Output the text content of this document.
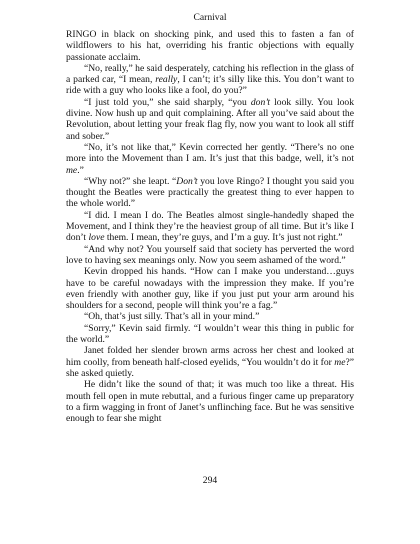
Carnival

RINGO in black on shocking pink, and used this to fasten a fan of wildflowers to his hat, overriding his frantic objections with equally passionate acclaim.

“No, really,” he said desperately, catching his reflection in the glass of a parked car, “I mean, really, I can’t; it’s silly like this. You don’t want to ride with a guy who looks like a fool, do you?”

“I just told you,” she said sharply, “you don’t look silly. You look divine. Now hush up and quit complaining. After all you’ve said about the Revolution, about letting your freak flag fly, now you want to look all stiff and sober.”

“No, it’s not like that,” Kevin corrected her gently. “There’s no one more into the Movement than I am. It’s just that this badge, well, it’s not me.”

“Why not?” she leapt. “Don’t you love Ringo? I thought you said you thought the Beatles were practically the greatest thing to ever happen to the whole world.”

“I did. I mean I do. The Beatles almost single-handedly shaped the Movement, and I think they’re the heaviest group of all time. But it’s like I don’t love them. I mean, they’re guys, and I’m a guy. It’s just not right.”

“And why not? You yourself said that society has perverted the word love to having sex meanings only. Now you seem ashamed of the word.”

Kevin dropped his hands. “How can I make you understand…guys have to be careful nowadays with the impression they make. If you’re even friendly with another guy, like if you just put your arm around his shoulders for a second, people will think you’re a fag.”

“Oh, that’s just silly. That’s all in your mind.”

“Sorry,” Kevin said firmly. “I wouldn’t wear this thing in public for the world.”

Janet folded her slender brown arms across her chest and looked at him coolly, from beneath half-closed eyelids, “You wouldn’t do it for me?” she asked quietly.

He didn’t like the sound of that; it was much too like a threat. His mouth fell open in mute rebuttal, and a furious finger came up preparatory to a firm wagging in front of Janet’s unflinching face. But he was sensitive enough to fear she might

294
